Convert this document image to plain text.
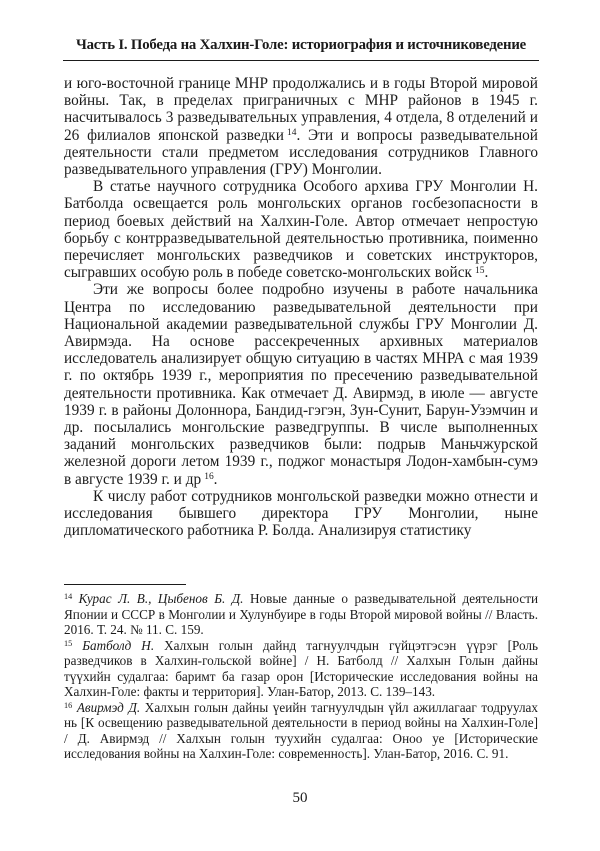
Часть I. Победа на Халхин-Голе: историография и источниковедение

и юго-восточной границе МНР продолжались и в годы Второй мировой войны. Так, в пределах приграничных с МНР районов в 1945 г. насчитывалось 3 разведывательных управления, 4 отдела, 8 отделений и 26 филиалов японской разведки $^{14}$. Эти и вопросы разведывательной деятельности стали предметом исследования сотрудников Главного разведывательного управления (ГРУ) Монголии.

В статье научного сотрудника Особого архива ГРУ Монголии Н. Батболда освещается роль монгольских органов госбезопасности в период боевых действий на Халхин-Голе. Автор отмечает непростую борьбу с контрразведывательной деятельностью противника, поименно перечисляет монгольских разведчиков и советских инструкторов, сыгравших особую роль в победе советско-монгольских войск $^{15}$.

Эти же вопросы более подробно изучены в работе начальника Центра по исследованию разведывательной деятельности при Национальной академии разведывательной службы ГРУ Монголии Д. Авирмэда. На основе рассекреченных архивных материалов исследователь анализирует общую ситуацию в частях МНРА с мая 1939 г. по октябрь 1939 г., мероприятия по пресечению разведывательной деятельности противника. Как отмечает Д. Авирмэд, в июле — августе 1939 г. в районы Долоннора, Бандид-гэгэн, Зун-Сунит, Барун-Узэмчин и др. посылались монгольские разведгруппы. В числе выполненных заданий монгольских разведчиков были: подрыв Маньчжурской железной дороги летом 1939 г., поджог монастыря Лодон-хамбын-сумэ в августе 1939 г. и др $^{16}$.

К числу работ сотрудников монгольской разведки можно отнести и исследования бывшего директора ГРУ Монголии, ныне дипломатического работника Р. Болда. Анализируя статистику

$^{14}$ Курас Л. В., Цыбенов Б. Д. Новые данные о разведывательной деятельности Японии и СССР в Монголии и Хулунбуире в годы Второй мировой войны // Власть. 2016. Т. 24. № 11. С. 159.

$^{15}$ Батболд Н. Халхын голын дайнд тагнуулчдын гүйцэтгэсэн үүрэг [Роль разведчиков в Халхин-гольской войне] / Н. Батболд // Халхын Голын дайны түүхийн судалгаа: баримт ба газар орон [Исторические исследования войны на Халхин-Голе: факты и территория]. Улан-Батор, 2013. С. 139–143.

$^{16}$ Авирмэд Д. Халхын голын дайны үеийн тагнуулчдын үйл ажиллагааг тодруулах нь [К освещению разведывательной деятельности в период войны на Халхин-Голе] / Д. Авирмэд // Халхын голын туухийн судалгаа: Оноо уе [Исторические исследования войны на Халхин-Голе: современность]. Улан-Батор, 2016. С. 91.

50
